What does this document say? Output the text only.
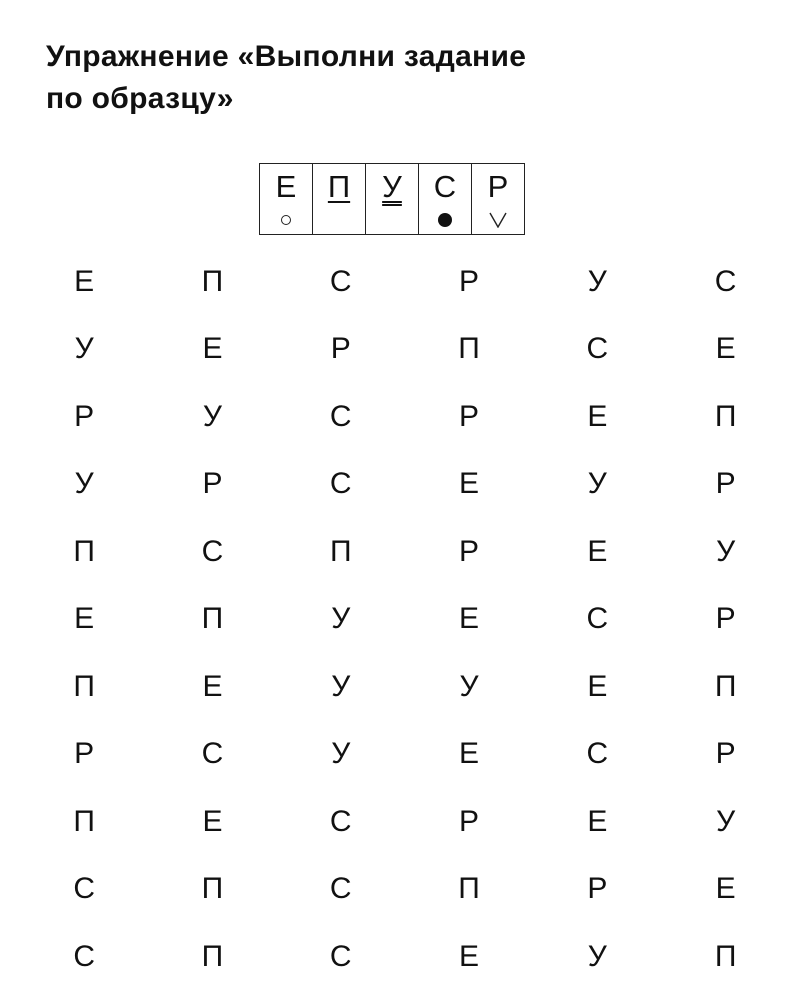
Упражнение «Выполни задание
по образцу»
Е	П	У	С	Р
Е	П	С	Р	У	С
У	Е	Р	П	С	Е
Р	У	С	Р	Е	П
У	Р	С	Е	У	Р
П	С	П	Р	Е	У
Е	П	У	Е	С	Р
П	Е	У	У	Е	П
Р	С	У	Е	С	Р
П	Е	С	Р	Е	У
С	П	С	П	Р	Е
С	П	С	Е	У	П
